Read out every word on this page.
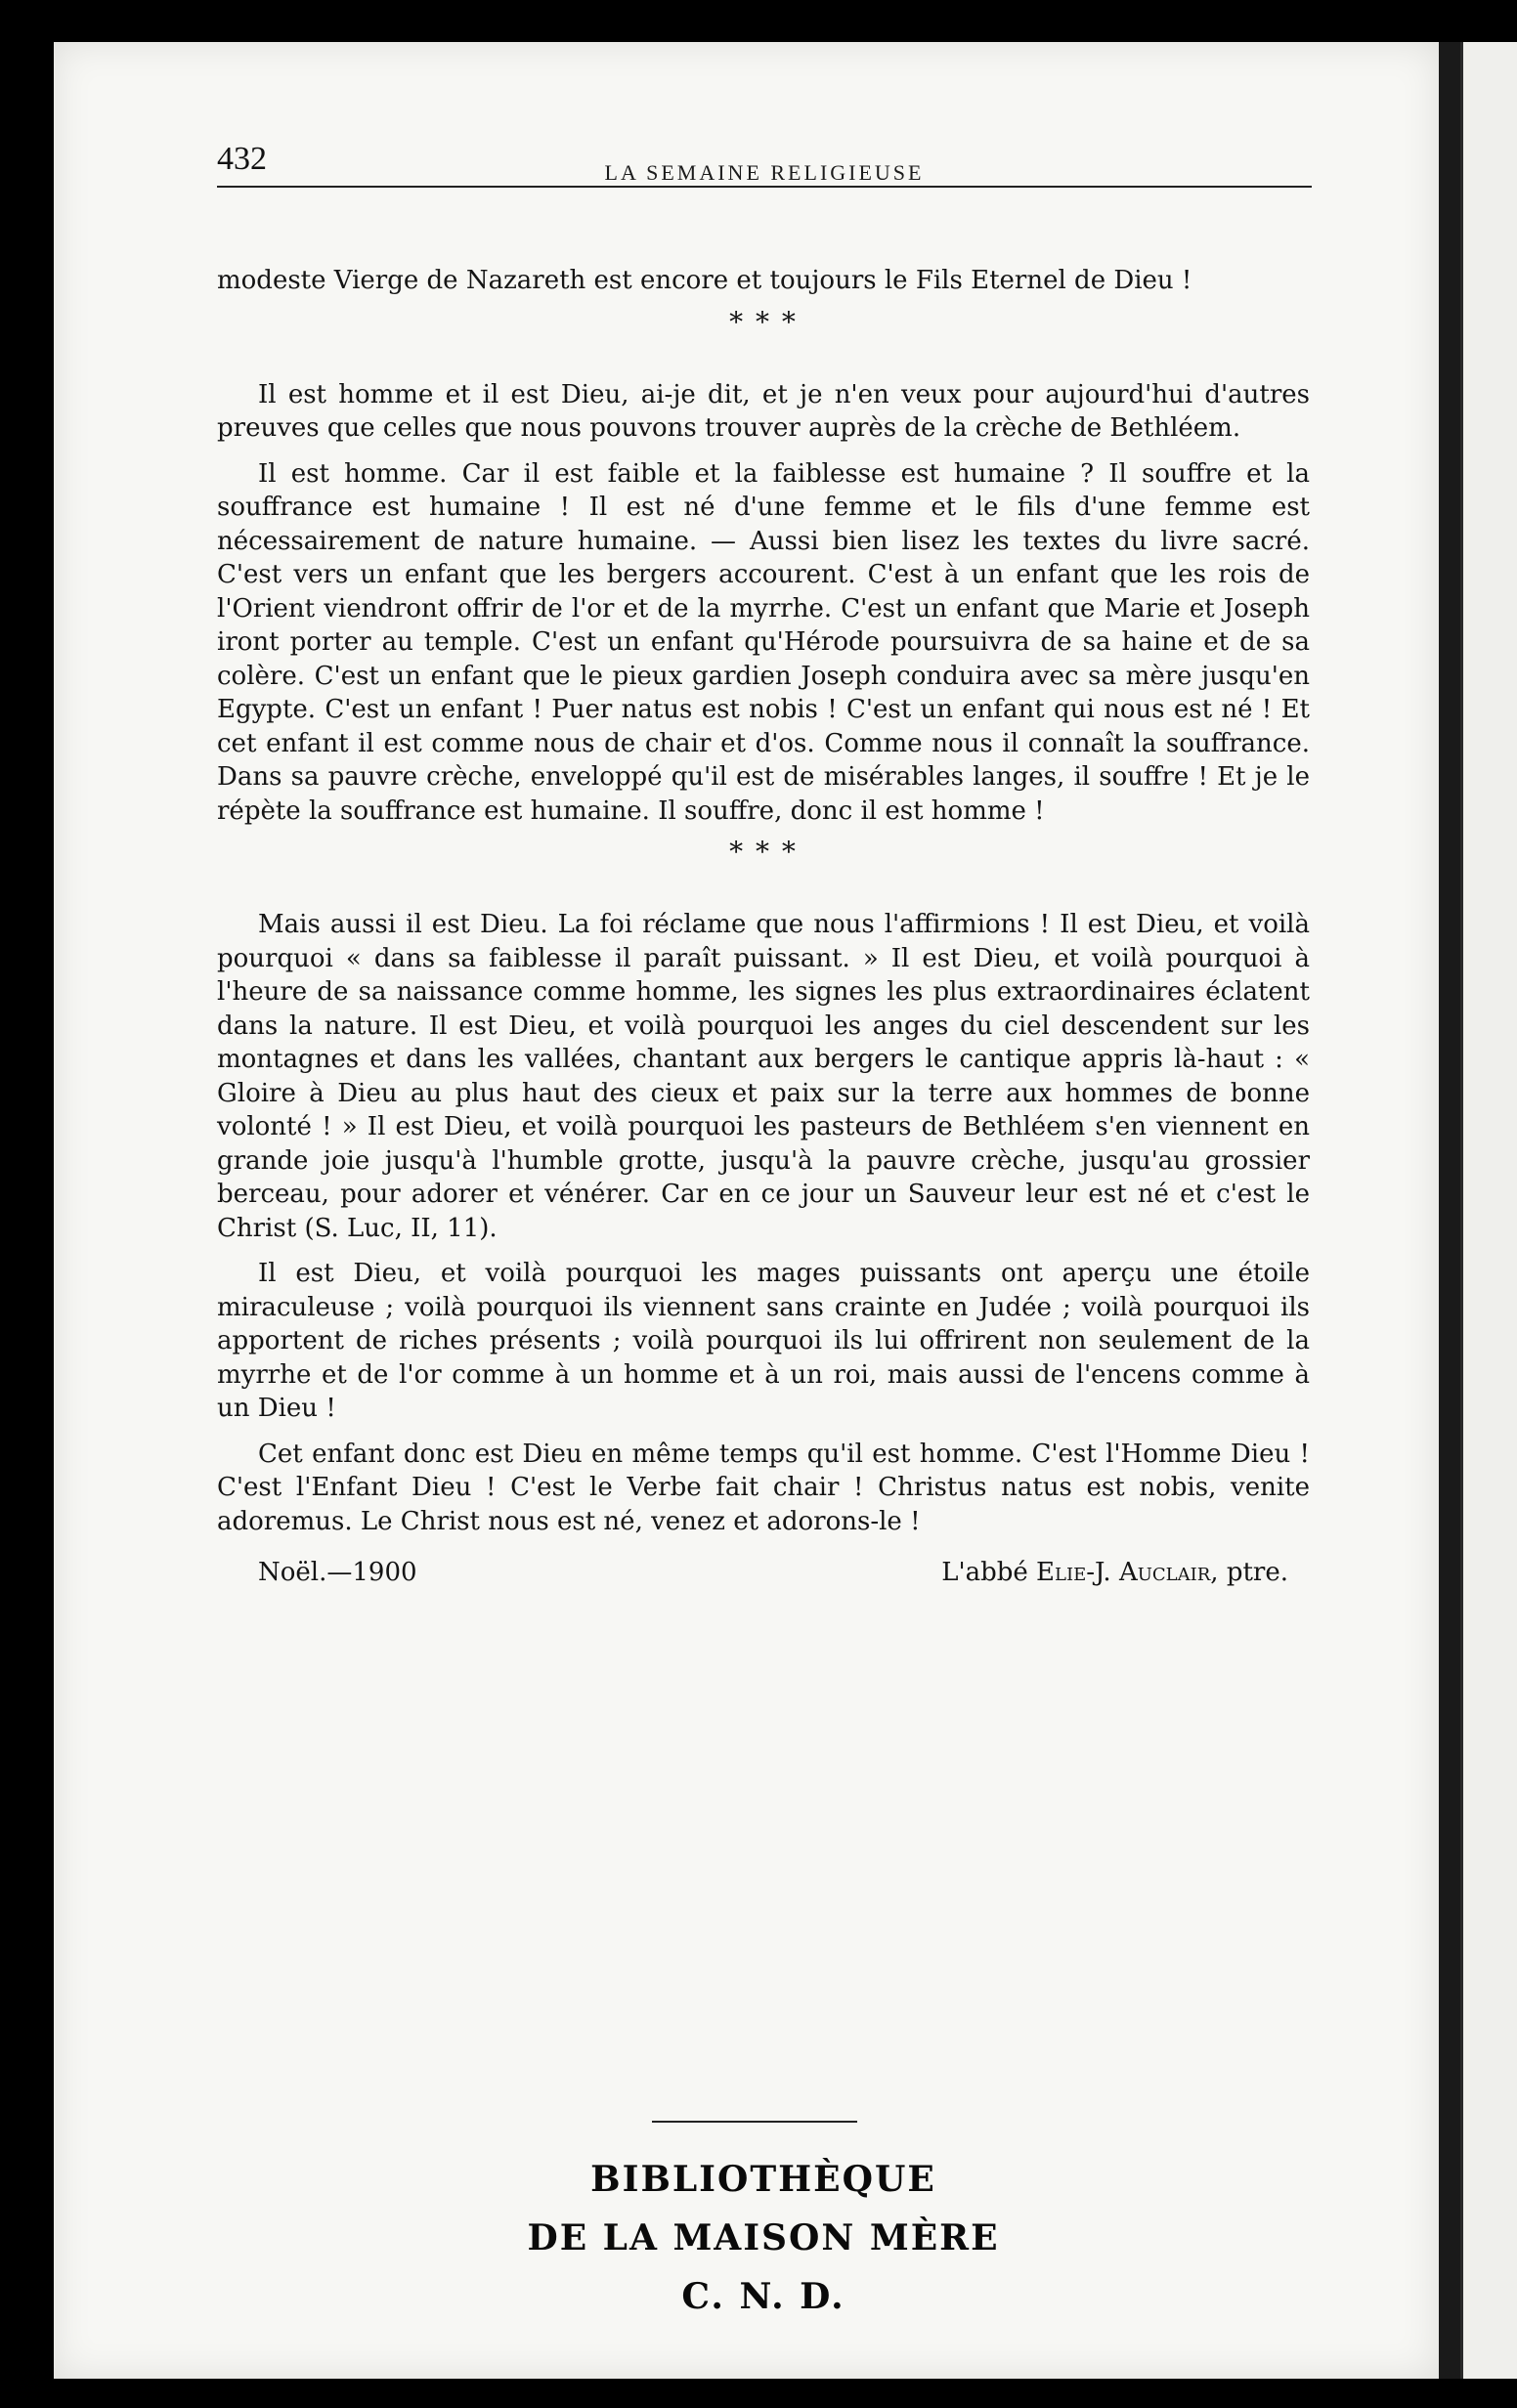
432	LA SEMAINE RELIGIEUSE

modeste Vierge de Nazareth est encore et toujours le Fils Eternel de Dieu !

* * *

Il est homme et il est Dieu, ai-je dit, et je n'en veux pour aujourd'hui d'autres preuves que celles que nous pouvons trouver auprès de la crèche de Bethléem.

Il est homme. Car il est faible et la faiblesse est humaine ? Il souffre et la souffrance est humaine ! Il est né d'une femme et le fils d'une femme est nécessairement de nature humaine. — Aussi bien lisez les textes du livre sacré. C'est vers un enfant que les bergers accourent. C'est à un enfant que les rois de l'Orient viendront offrir de l'or et de la myrrhe. C'est un enfant que Marie et Joseph iront porter au temple. C'est un enfant qu'Hérode poursuivra de sa haine et de sa colère. C'est un enfant que le pieux gardien Joseph conduira avec sa mère jusqu'en Egypte. C'est un enfant ! Puer natus est nobis ! C'est un enfant qui nous est né ! Et cet enfant il est comme nous de chair et d'os. Comme nous il connaît la souffrance. Dans sa pauvre crèche, enveloppé qu'il est de misérables langes, il souffre ! Et je le répète la souffrance est humaine. Il souffre, donc il est homme !

* * *

Mais aussi il est Dieu. La foi réclame que nous l'affirmions ! Il est Dieu, et voilà pourquoi « dans sa faiblesse il paraît puissant. » Il est Dieu, et voilà pourquoi à l'heure de sa naissance comme homme, les signes les plus extraordinaires éclatent dans la nature. Il est Dieu, et voilà pourquoi les anges du ciel descendent sur les montagnes et dans les vallées, chantant aux bergers le cantique appris là-haut : « Gloire à Dieu au plus haut des cieux et paix sur la terre aux hommes de bonne volonté ! » Il est Dieu, et voilà pourquoi les pasteurs de Bethléem s'en viennent en grande joie jusqu'à l'humble grotte, jusqu'à la pauvre crèche, jusqu'au grossier berceau, pour adorer et vénérer. Car en ce jour un Sauveur leur est né et c'est le Christ (S. Luc, II, 11).

Il est Dieu, et voilà pourquoi les mages puissants ont aperçu une étoile miraculeuse ; voilà pourquoi ils viennent sans crainte en Judée ; voilà pourquoi ils apportent de riches présents ; voilà pourquoi ils lui offrirent non seulement de la myrrhe et de l'or comme à un homme et à un roi, mais aussi de l'encens comme à un Dieu !

Cet enfant donc est Dieu en même temps qu'il est homme. C'est l'Homme Dieu ! C'est l'Enfant Dieu ! C'est le Verbe fait chair ! Christus natus est nobis, venite adoremus. Le Christ nous est né, venez et adorons-le !

Noël.—1900	L'abbé Elie-J. Auclair, ptre.
BIBLIOTHÈQUE
DE LA MAISON MÈRE
C. N. D.
